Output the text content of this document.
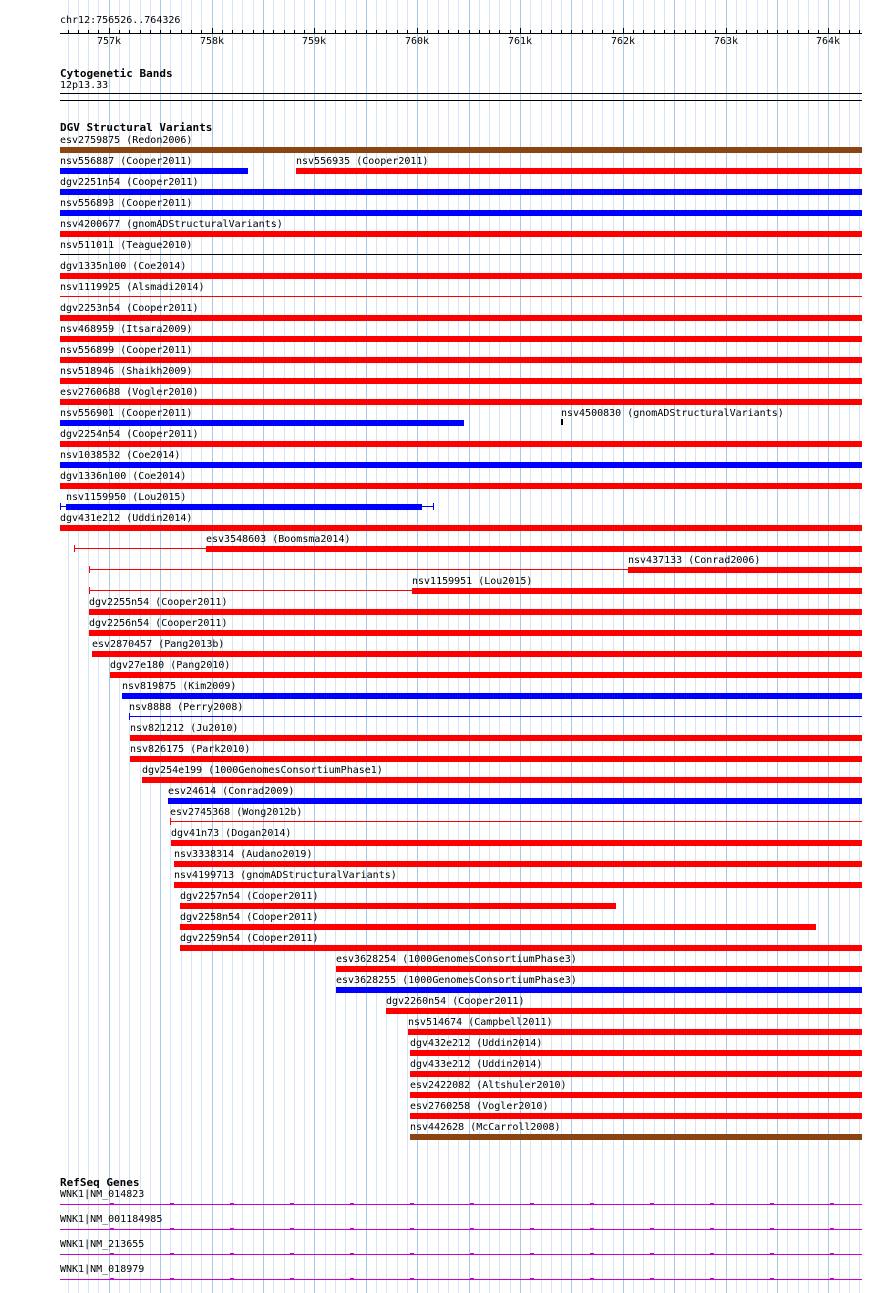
chr12:756526..764326
757k	758k	759k	760k	761k	762k	763k	764k
Cytogenetic Bands
12p13.33
DGV Structural Variants
esv2759875 (Redon2006)
nsv556887 (Cooper2011)	nsv556935 (Cooper2011)
dgv2251n54 (Cooper2011)
nsv556893 (Cooper2011)
nsv4200677 (gnomADStructuralVariants)
nsv511011 (Teague2010)
dgv1335n100 (Coe2014)
nsv1119925 (Alsmadi2014)
dgv2253n54 (Cooper2011)
nsv468959 (Itsara2009)
nsv556899 (Cooper2011)
nsv518946 (Shaikh2009)
esv2760688 (Vogler2010)
nsv556901 (Cooper2011)	nsv4500830 (gnomADStructuralVariants)
dgv2254n54 (Cooper2011)
nsv1038532 (Coe2014)
dgv1336n100 (Coe2014)
nsv1159950 (Lou2015)
dgv431e212 (Uddin2014)
esv3548603 (Boomsma2014)
nsv437133 (Conrad2006)
nsv1159951 (Lou2015)
dgv2255n54 (Cooper2011)
dgv2256n54 (Cooper2011)
esv2870457 (Pang2013b)
dgv27e180 (Pang2010)
nsv819875 (Kim2009)
nsv8888 (Perry2008)
nsv821212 (Ju2010)
nsv826175 (Park2010)
dgv254e199 (1000GenomesConsortiumPhase1)
esv24614 (Conrad2009)
esv2745368 (Wong2012b)
dgv41n73 (Dogan2014)
nsv3338314 (Audano2019)
nsv4199713 (gnomADStructuralVariants)
dgv2257n54 (Cooper2011)
dgv2258n54 (Cooper2011)
dgv2259n54 (Cooper2011)
esv3628254 (1000GenomesConsortiumPhase3)
esv3628255 (1000GenomesConsortiumPhase3)
dgv2260n54 (Cooper2011)
nsv514674 (Campbell2011)
dgv432e212 (Uddin2014)
dgv433e212 (Uddin2014)
esv2422082 (Altshuler2010)
esv2760258 (Vogler2010)
nsv442628 (McCarroll2008)
RefSeq Genes
WNK1|NM_014823
WNK1|NM_001184985
WNK1|NM_213655
WNK1|NM_018979
